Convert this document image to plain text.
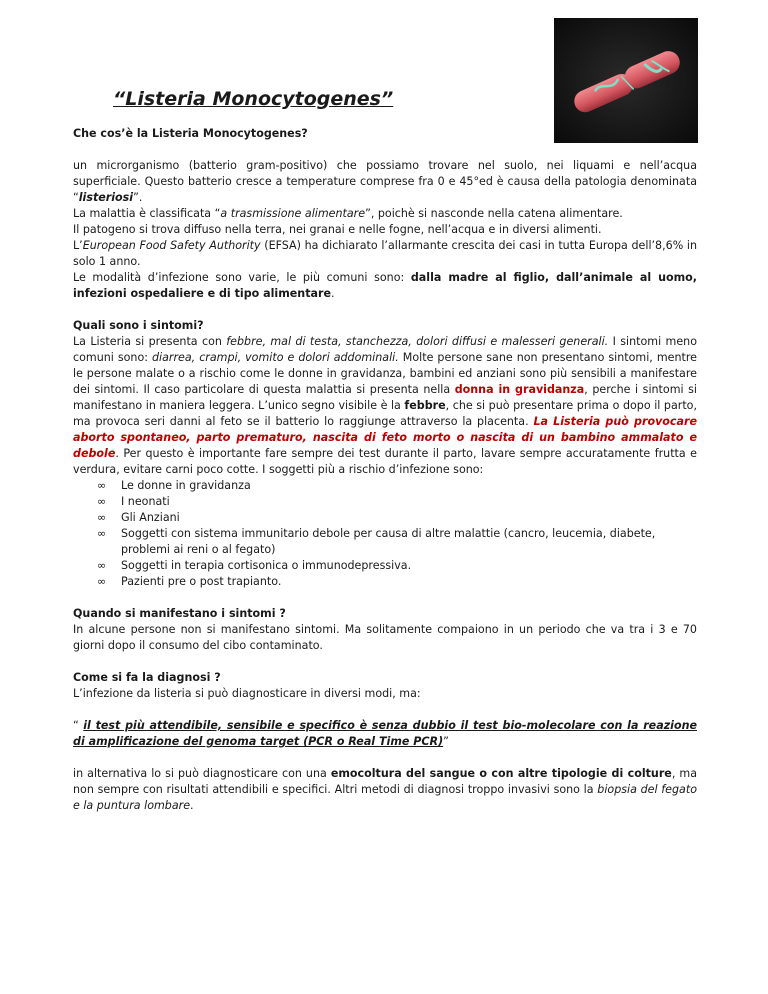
“Listeria Monocytogenes”

Che cos’è la Listeria Monocytogenes?

un microrganismo (batterio gram-positivo) che possiamo trovare nel suolo, nei liquami e nell’acqua superficiale. Questo batterio cresce a temperature comprese fra 0 e 45°ed è causa della patologia denominata “listeriosi”.

La malattia è classificata “a trasmissione alimentare”, poichè si nasconde nella catena alimentare.

Il patogeno si trova diffuso nella terra, nei granai e nelle fogne, nell’acqua e in diversi alimenti.

L’European Food Safety Authority (EFSA) ha dichiarato l’allarmante crescita dei casi in tutta Europa dell’8,6% in solo 1 anno.

Le modalità d’infezione sono varie, le più comuni sono: dalla madre al figlio, dall’animale al uomo, infezioni ospedaliere e di tipo alimentare.

Quali sono i sintomi?

La Listeria si presenta con febbre, mal di testa, stanchezza, dolori diffusi e malesseri generali. I sintomi meno comuni sono: diarrea, crampi, vomito e dolori addominali. Molte persone sane non presentano sintomi, mentre le persone malate o a rischio come le donne in gravidanza, bambini ed anziani sono più sensibili a manifestare dei sintomi. Il caso particolare di questa malattia si presenta nella donna in gravidanza, perche i sintomi si manifestano in maniera leggera. L’unico segno visibile è la febbre, che si può presentare prima o dopo il parto, ma provoca seri danni al feto se il batterio lo raggiunge attraverso la placenta. La Listeria può provocare aborto spontaneo, parto prematuro, nascita di feto morto o nascita di un bambino ammalato e debole. Per questo è importante fare sempre dei test durante il parto, lavare sempre accuratamente frutta e verdura, evitare carni poco cotte. I soggetti più a rischio d’infezione sono:

∞ Le donne in gravidanza
∞ I neonati
∞ Gli Anziani
∞ Soggetti con sistema immunitario debole per causa di altre malattie (cancro, leucemia, diabete, problemi ai reni o al fegato)
∞ Soggetti in terapia cortisonica o immunodepressiva.
∞ Pazienti pre o post trapianto.

Quando si manifestano i sintomi ?

In alcune persone non si manifestano sintomi. Ma solitamente compaiono in un periodo che va tra i 3 e 70 giorni dopo il consumo del cibo contaminato.

Come si fa la diagnosi ?

L’infezione da listeria si può diagnosticare in diversi modi, ma:

“ il test più attendibile, sensibile e specifico è senza dubbio il test bio-molecolare con la reazione di amplificazione del genoma target (PCR o Real Time PCR)”

in alternativa lo si può diagnosticare con una emocoltura del sangue o con altre tipologie di colture, ma non sempre con risultati attendibili e specifici. Altri metodi di diagnosi troppo invasivi sono la biopsia del fegato e la puntura lombare.
